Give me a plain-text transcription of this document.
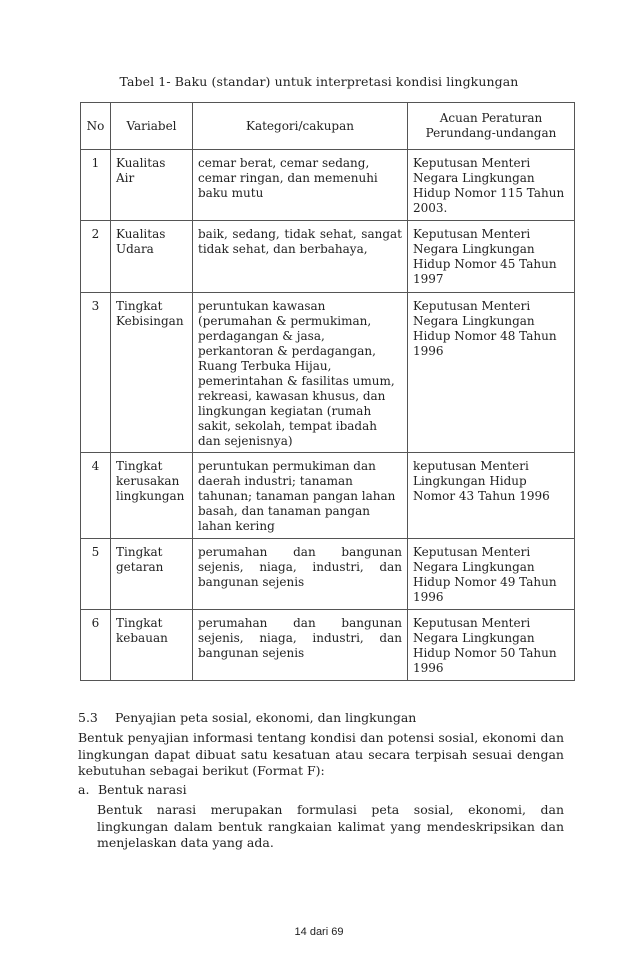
Tabel 1- Baku (standar) untuk interpretasi kondisi lingkungan
No	Variabel	Kategori/cakupan	Acuan Peraturan Perundang-undangan
1	Kualitas Air	cemar berat, cemar sedang, cemar ringan, dan memenuhi baku mutu	Keputusan Menteri Negara Lingkungan Hidup Nomor 115 Tahun 2003.
2	Kualitas Udara	baik, sedang, tidak sehat, sangat tidak sehat, dan berbahaya,	Keputusan Menteri Negara Lingkungan Hidup Nomor 45 Tahun 1997
3	Tingkat Kebisingan	peruntukan kawasan (perumahan & permukiman, perdagangan & jasa, perkantoran & perdagangan, Ruang Terbuka Hijau, pemerintahan & fasilitas umum, rekreasi, kawasan khusus, dan lingkungan kegiatan (rumah sakit, sekolah, tempat ibadah dan sejenisnya)	Keputusan Menteri Negara Lingkungan Hidup Nomor 48 Tahun 1996
4	Tingkat kerusakan lingkungan	peruntukan permukiman dan daerah industri; tanaman tahunan; tanaman pangan lahan basah, dan tanaman pangan lahan kering	keputusan Menteri Lingkungan Hidup Nomor 43 Tahun 1996
5	Tingkat getaran	perumahan dan bangunan sejenis, niaga, industri, dan bangunan sejenis	Keputusan Menteri Negara Lingkungan Hidup Nomor 49 Tahun 1996
6	Tingkat kebauan	perumahan dan bangunan sejenis, niaga, industri, dan bangunan sejenis	Keputusan Menteri Negara Lingkungan Hidup Nomor 50 Tahun 1996
5.3 Penyajian peta sosial, ekonomi, dan lingkungan
Bentuk penyajian informasi tentang kondisi dan potensi sosial, ekonomi dan lingkungan dapat dibuat satu kesatuan atau secara terpisah sesuai dengan kebutuhan sebagai berikut (Format F):
a. Bentuk narasi
Bentuk narasi merupakan formulasi peta sosial, ekonomi, dan lingkungan dalam bentuk rangkaian kalimat yang mendeskripsikan dan menjelaskan data yang ada.
14 dari 69
